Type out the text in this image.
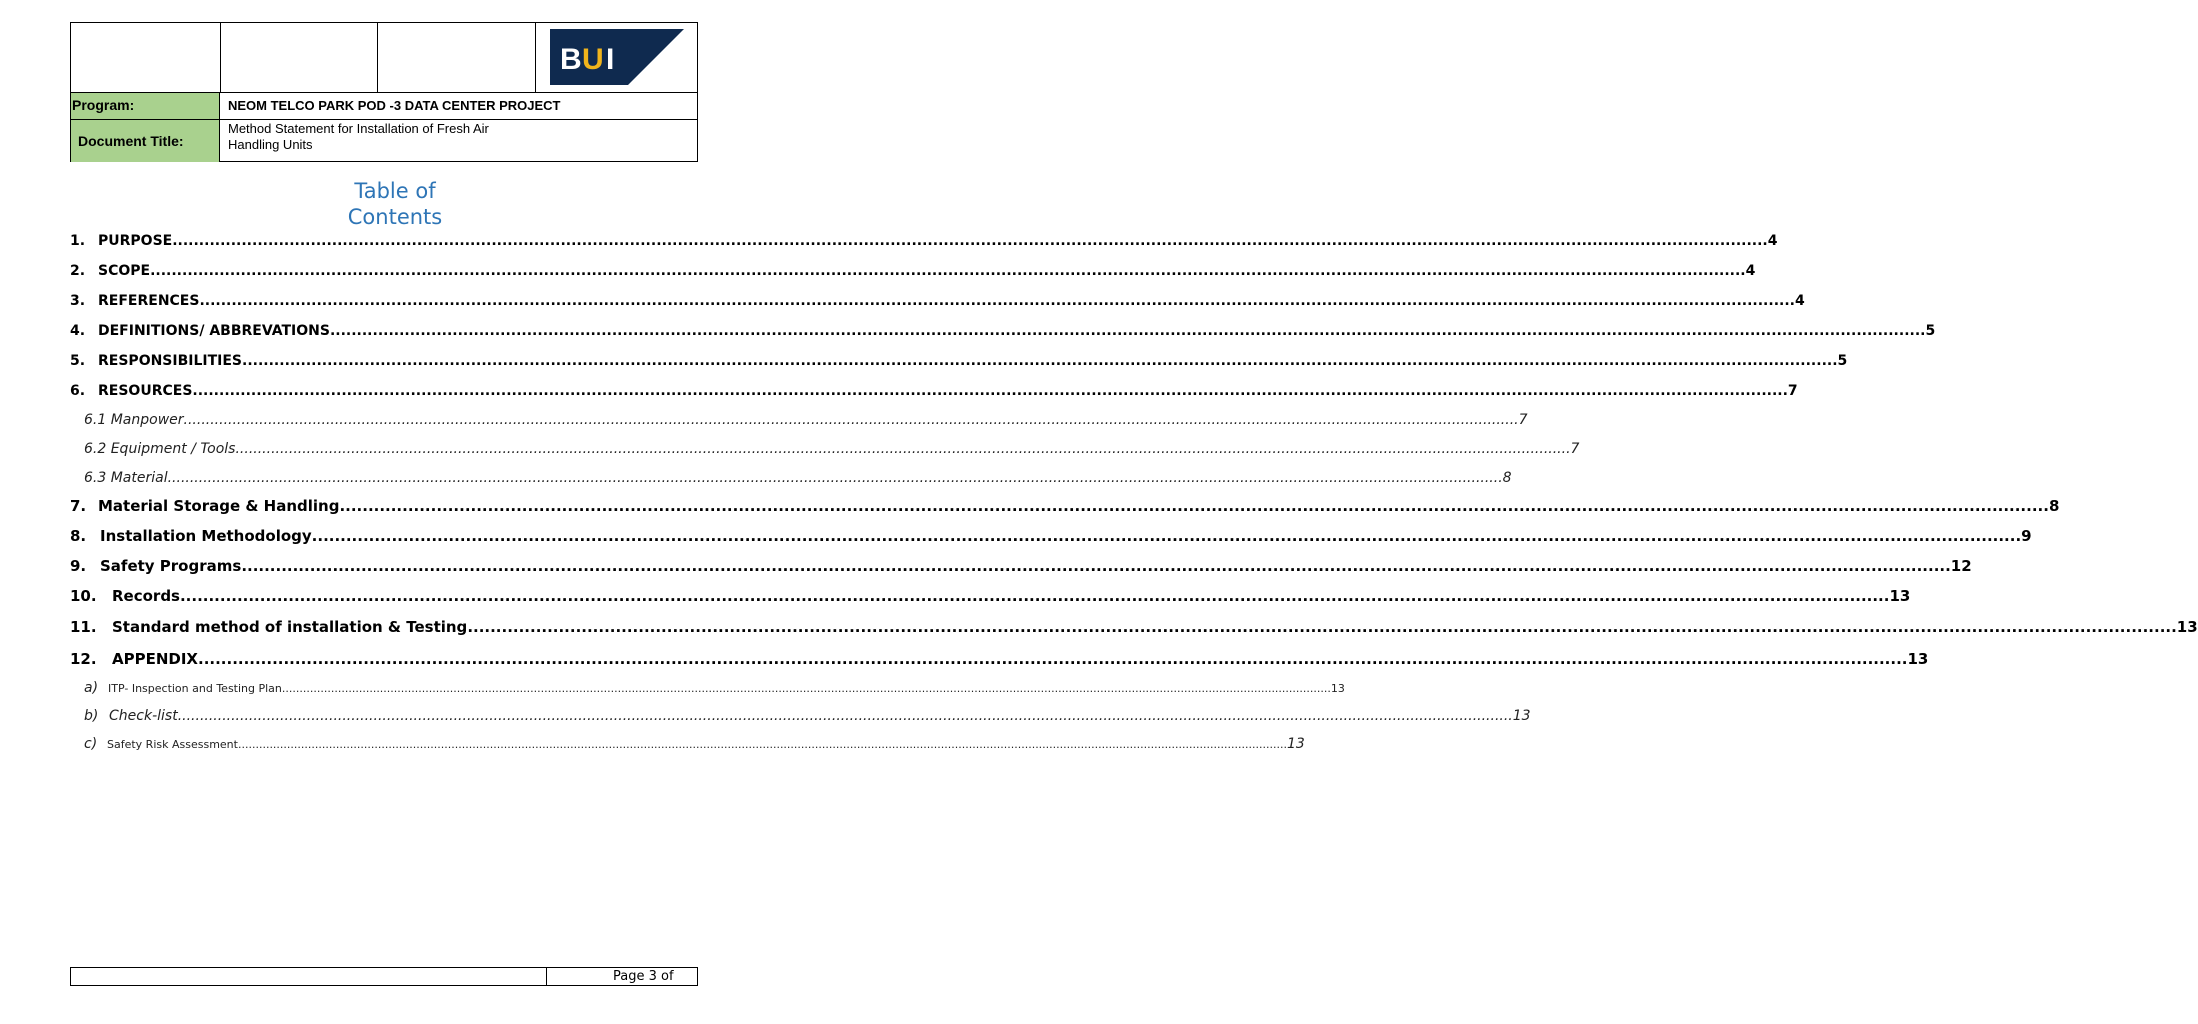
B U I
Program:	NEOM TELCO PARK POD -3 DATA CENTER PROJECT
Document Title:
Method Statement for Installation of Fresh Air
Handling Units
Table of
Contents
1. PURPOSE ............................................................................................................................................................................................................................................................................................................ 4
2. SCOPE ............................................................................................................................................................................................................................................................................................................ 4
3. REFERENCES ............................................................................................................................................................................................................................................................................................................ 4
4. DEFINITIONS/ ABBREVATIONS ............................................................................................................................................................................................................................................................................................................ 5
5. RESPONSIBILITIES ............................................................................................................................................................................................................................................................................................................ 5
6. RESOURCES ............................................................................................................................................................................................................................................................................................................ 7
6.1 Manpower ............................................................................................................................................................................................................................................................................................................ 7
6.2 Equipment / Tools ............................................................................................................................................................................................................................................................................................................ 7
6.3 Material ............................................................................................................................................................................................................................................................................................................ 8
7. Material Storage & Handling ............................................................................................................................................................................................................................................................................................................ 8
8. Installation Methodology ............................................................................................................................................................................................................................................................................................................ 9
9. Safety Programs ............................................................................................................................................................................................................................................................................................................ 12
10. Records ............................................................................................................................................................................................................................................................................................................ 13
11. Standard method of installation & Testing ............................................................................................................................................................................................................................................................................................................ 13
12. APPENDIX ............................................................................................................................................................................................................................................................................................................ 13
a) ITP- Inspection and Testing Plan ............................................................................................................................................................................................................................................................................................................ 13
b) Check-list ............................................................................................................................................................................................................................................................................................................ 13
c) Safety Risk Assessment ............................................................................................................................................................................................................................................................................................................ 13
Page 3 of
